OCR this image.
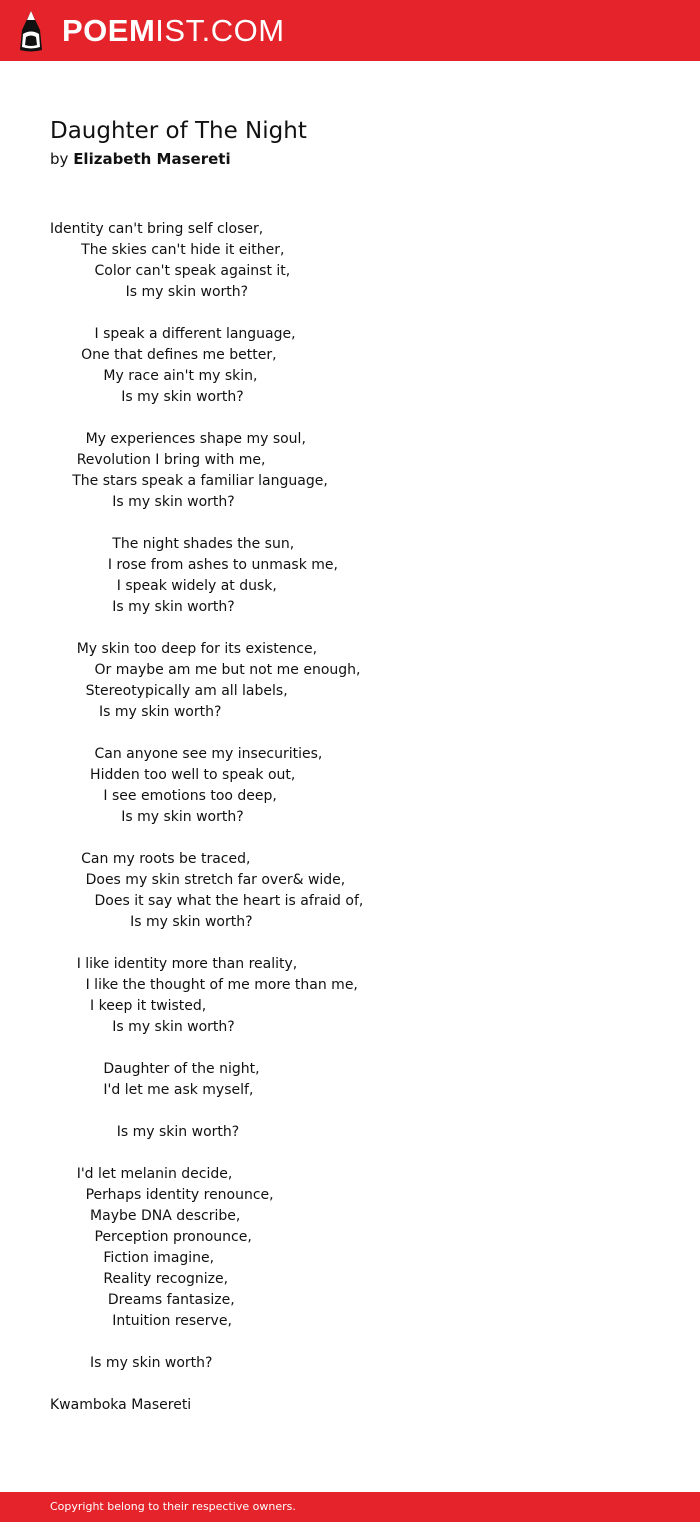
POEMIST.COM
Daughter of The Night
by Elizabeth Masereti
Identity can't bring self closer,
The skies can't hide it either,
Color can't speak against it,
Is my skin worth?
I speak a different language,
One that defines me better,
My race ain't my skin,
Is my skin worth?
My experiences shape my soul,
Revolution I bring with me,
The stars speak a familiar language,
Is my skin worth?
The night shades the sun,
I rose from ashes to unmask me,
I speak widely at dusk,
Is my skin worth?
My skin too deep for its existence,
Or maybe am me but not me enough,
Stereotypically am all labels,
Is my skin worth?
Can anyone see my insecurities,
Hidden too well to speak out,
I see emotions too deep,
Is my skin worth?
Can my roots be traced,
Does my skin stretch far over& wide,
Does it say what the heart is afraid of,
Is my skin worth?
I like identity more than reality,
I like the thought of me more than me,
I keep it twisted,
Is my skin worth?
Daughter of the night,
I'd let me ask myself,
Is my skin worth?
I'd let melanin decide,
Perhaps identity renounce,
Maybe DNA describe,
Perception pronounce,
Fiction imagine,
Reality recognize,
Dreams fantasize,
Intuition reserve,
Is my skin worth?
Kwamboka Masereti
Copyright belong to their respective owners.
